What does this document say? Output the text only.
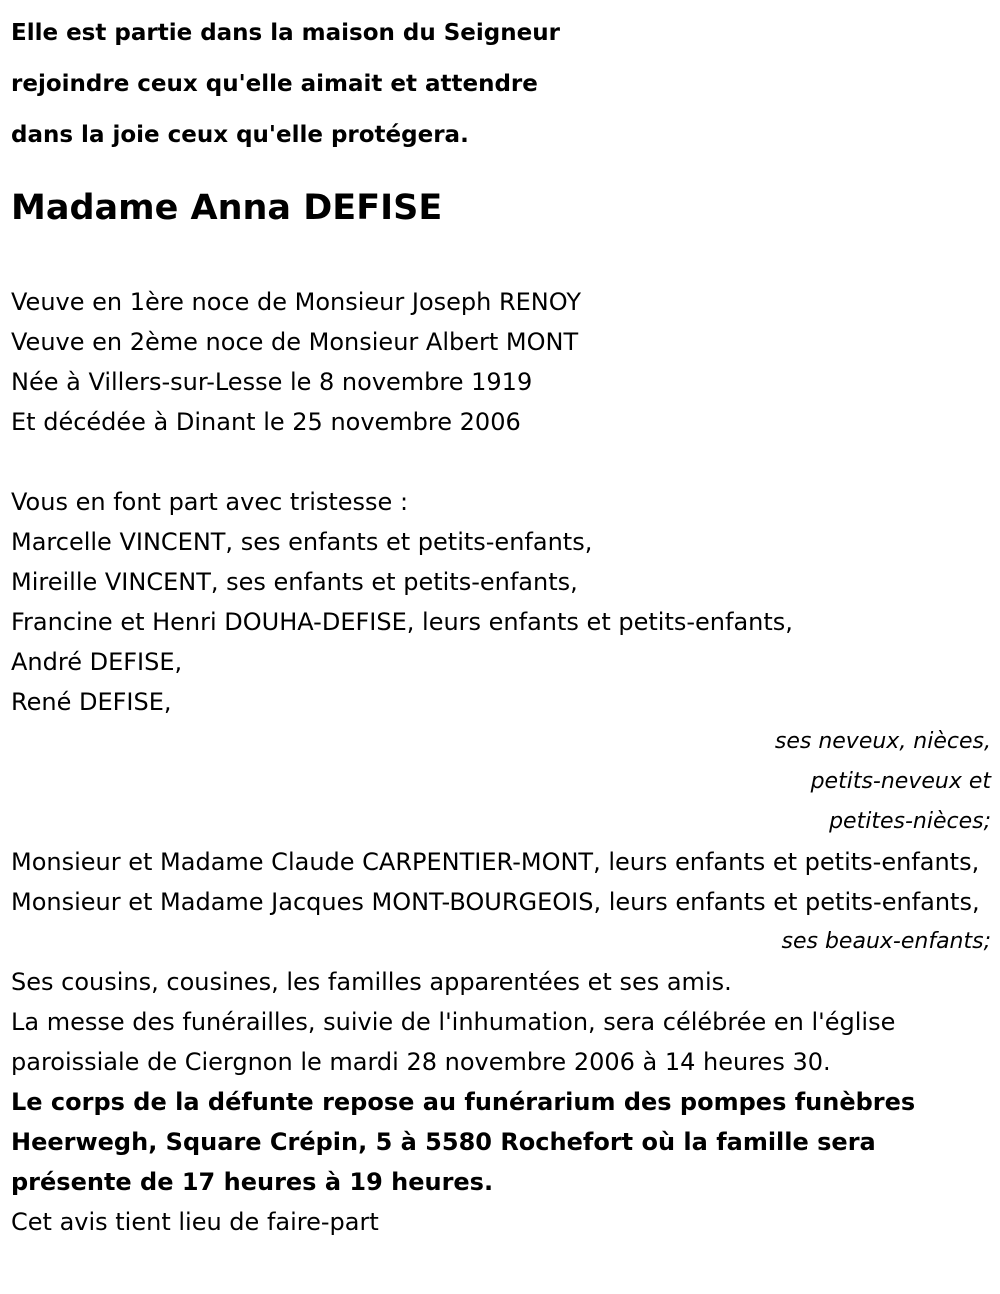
Elle est partie dans la maison du Seigneur
rejoindre ceux qu'elle aimait et attendre
dans la joie ceux qu'elle protégera.
Madame Anna DEFISE
Veuve en 1ère noce de Monsieur Joseph RENOY
Veuve en 2ème noce de Monsieur Albert MONT
Née à Villers-sur-Lesse le 8 novembre 1919
Et décédée à Dinant le 25 novembre 2006
Vous en font part avec tristesse :
Marcelle VINCENT, ses enfants et petits-enfants,
Mireille VINCENT, ses enfants et petits-enfants,
Francine et Henri DOUHA-DEFISE, leurs enfants et petits-enfants,
André DEFISE,
René DEFISE,
ses neveux, nièces, petits-neveux et petites-nièces;
Monsieur et Madame Claude CARPENTIER-MONT, leurs enfants et petits-enfants,
Monsieur et Madame Jacques MONT-BOURGEOIS, leurs enfants et petits-enfants,
ses beaux-enfants;
Ses cousins, cousines, les familles apparentées et ses amis.
La messe des funérailles, suivie de l'inhumation, sera célébrée en l'église paroissiale de Ciergnon le mardi 28 novembre 2006 à 14 heures 30.
Le corps de la défunte repose au funérarium des pompes funèbres Heerwegh, Square Crépin, 5 à 5580 Rochefort où la famille sera présente de 17 heures à 19 heures.
Cet avis tient lieu de faire-part
